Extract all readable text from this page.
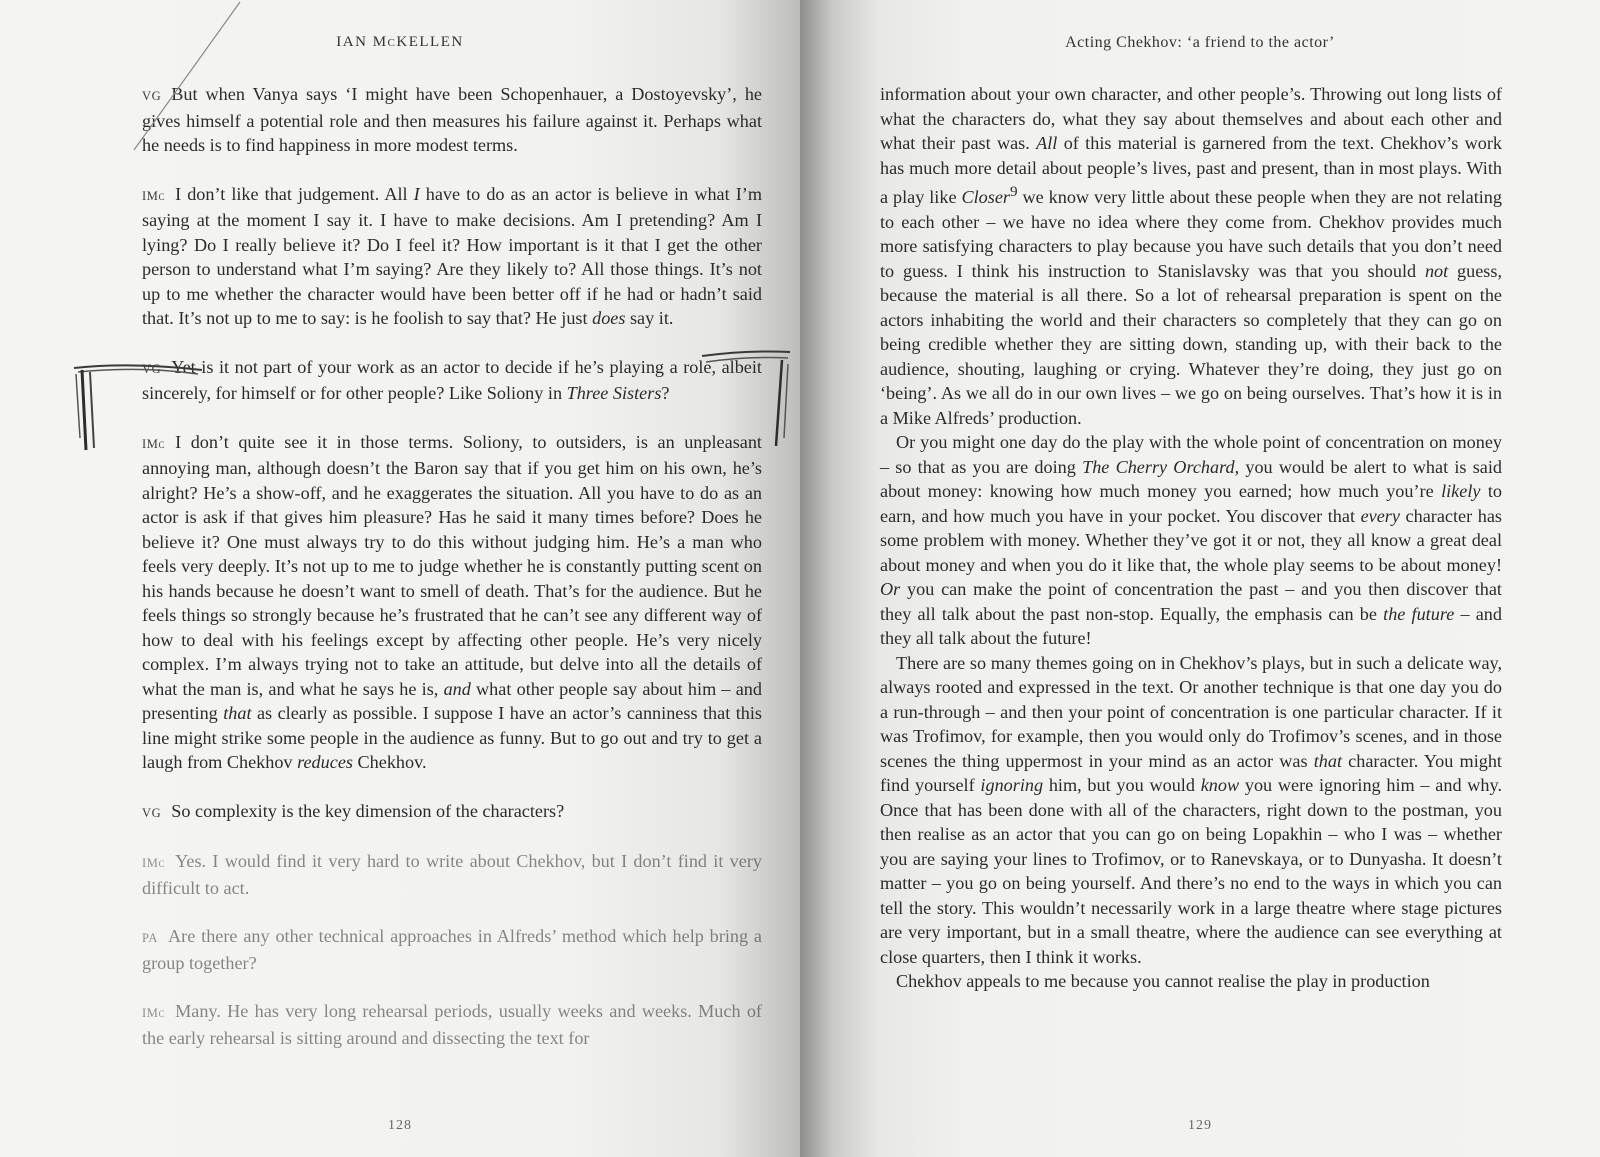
IAN McKELLEN	Acting Chekhov: ‘a friend to the actor’

VG But when Vanya says ‘I might have been Schopenhauer, a Dostoyevsky’, he gives himself a potential role and then measures his failure against it. Perhaps what he needs is to find happiness in more modest terms.

IMc I don’t like that judgement. All I have to do as an actor is believe in what I’m saying at the moment I say it. I have to make decisions. Am I pretending? Am I lying? Do I really believe it? Do I feel it? How important is it that I get the other person to understand what I’m saying? Are they likely to? All those things. It’s not up to me whether the character would have been better off if he had or hadn’t said that. It’s not up to me to say: is he foolish to say that? He just does say it.

VG Yet is it not part of your work as an actor to decide if he’s playing a role, albeit sincerely, for himself or for other people? Like Soliony in Three Sisters?

IMc I don’t quite see it in those terms. Soliony, to outsiders, is an unpleasant annoying man, although doesn’t the Baron say that if you get him on his own, he’s alright? He’s a show-off, and he exaggerates the situation. All you have to do as an actor is ask if that gives him pleasure? Has he said it many times before? Does he believe it? One must always try to do this without judging him. He’s a man who feels very deeply. It’s not up to me to judge whether he is constantly putting scent on his hands because he doesn’t want to smell of death. That’s for the audience. But he feels things so strongly because he’s frustrated that he can’t see any different way of how to deal with his feelings except by affecting other people. He’s very nicely complex. I’m always trying not to take an attitude, but delve into all the details of what the man is, and what he says he is, and what other people say about him – and presenting that as clearly as possible. I suppose I have an actor’s canniness that this line might strike some people in the audience as funny. But to go out and try to get a laugh from Chekhov reduces Chekhov.

VG So complexity is the key dimension of the characters?

IMc Yes. I would find it very hard to write about Chekhov, but I don’t find it very difficult to act.

PA Are there any other technical approaches in Alfreds’ method which help bring a group together?

IMc Many. He has very long rehearsal periods, usually weeks and weeks. Much of the early rehearsal is sitting around and dissecting the text for

information about your own character, and other people’s. Throwing out long lists of what the characters do, what they say about themselves and about each other and what their past was. All of this material is garnered from the text. Chekhov’s work has much more detail about people’s lives, past and present, than in most plays. With a play like Closer$^9$ we know very little about these people when they are not relating to each other – we have no idea where they come from. Chekhov provides much more satisfying characters to play because you have such details that you don’t need to guess. I think his instruction to Stanislavsky was that you should not guess, because the material is all there. So a lot of rehearsal preparation is spent on the actors inhabiting the world and their characters so completely that they can go on being credible whether they are sitting down, standing up, with their back to the audience, shouting, laughing or crying. Whatever they’re doing, they just go on ‘being’. As we all do in our own lives – we go on being ourselves. That’s how it is in a Mike Alfreds’ production.

Or you might one day do the play with the whole point of concentration on money – so that as you are doing The Cherry Orchard, you would be alert to what is said about money: knowing how much money you earned; how much you’re likely to earn, and how much you have in your pocket. You discover that every character has some problem with money. Whether they’ve got it or not, they all know a great deal about money and when you do it like that, the whole play seems to be about money! Or you can make the point of concentration the past – and you then discover that they all talk about the past non-stop. Equally, the emphasis can be the future – and they all talk about the future!

There are so many themes going on in Chekhov’s plays, but in such a delicate way, always rooted and expressed in the text. Or another technique is that one day you do a run-through – and then your point of concentration is one particular character. If it was Trofimov, for example, then you would only do Trofimov’s scenes, and in those scenes the thing uppermost in your mind as an actor was that character. You might find yourself ignoring him, but you would know you were ignoring him – and why. Once that has been done with all of the characters, right down to the postman, you then realise as an actor that you can go on being Lopakhin – who I was – whether you are saying your lines to Trofimov, or to Ranevskaya, or to Dunyasha. It doesn’t matter – you go on being yourself. And there’s no end to the ways in which you can tell the story. This wouldn’t necessarily work in a large theatre where stage pictures are very important, but in a small theatre, where the audience can see everything at close quarters, then I think it works.

Chekhov appeals to me because you cannot realise the play in production

128	129
